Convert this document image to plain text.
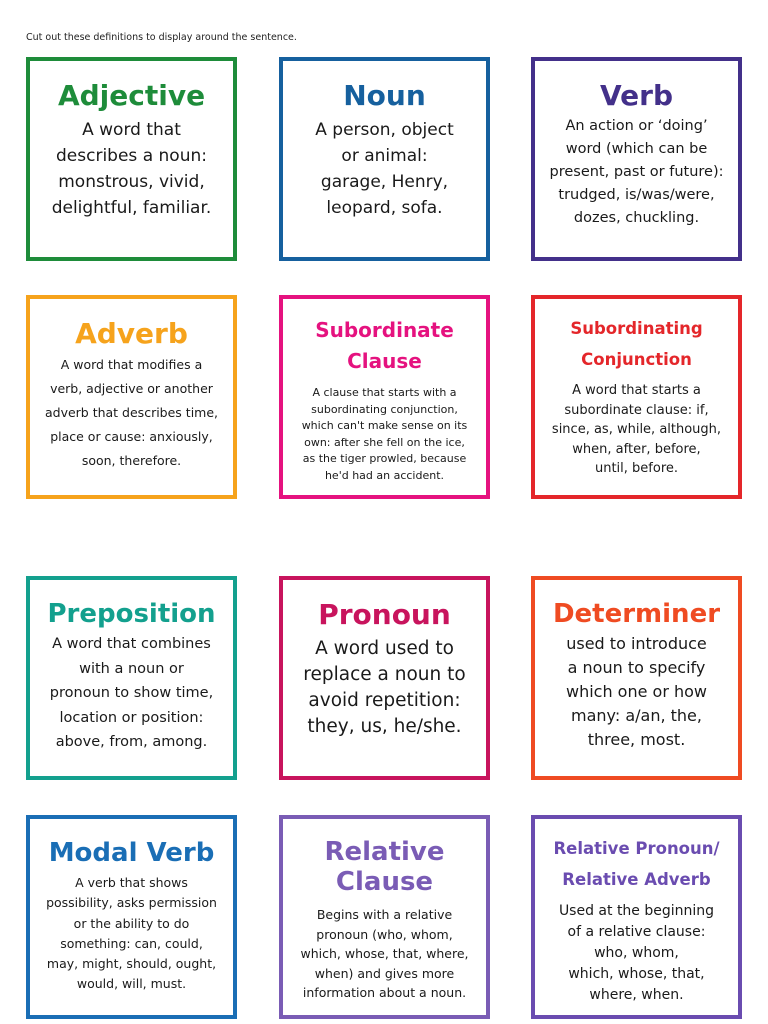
Cut out these definitions to display around the sentence.
Adjective

A word that
describes a noun:
monstrous, vivid,
delightful, familiar.

Noun

A person, object
or animal:
garage, Henry,
leopard, sofa.

Verb

An action or ‘doing’
word (which can be
present, past or future):
trudged, is/was/were,
dozes, chuckling.

Adverb

A word that modifies a
verb, adjective or another
adverb that describes time,
place or cause: anxiously,
soon, therefore.

Subordinate
Clause

A clause that starts with a
subordinating conjunction,
which can't make sense on its
own: after she fell on the ice,
as the tiger prowled, because
he'd had an accident.

Subordinating
Conjunction

A word that starts a
subordinate clause: if,
since, as, while, although,
when, after, before,
until, before.

Preposition

A word that combines
with a noun or
pronoun to show time,
location or position:
above, from, among.

Pronoun

A word used to
replace a noun to
avoid repetition:
they, us, he/she.

Determiner

used to introduce
a noun to specify
which one or how
many: a/an, the,
three, most.

Modal Verb

A verb that shows
possibility, asks permission
or the ability to do
something: can, could,
may, might, should, ought,
would, will, must.

Relative
Clause

Begins with a relative
pronoun (who, whom,
which, whose, that, where,
when) and gives more
information about a noun.

Relative Pronoun/
Relative Adverb

Used at the beginning
of a relative clause:
who, whom,
which, whose, that,
where, when.
